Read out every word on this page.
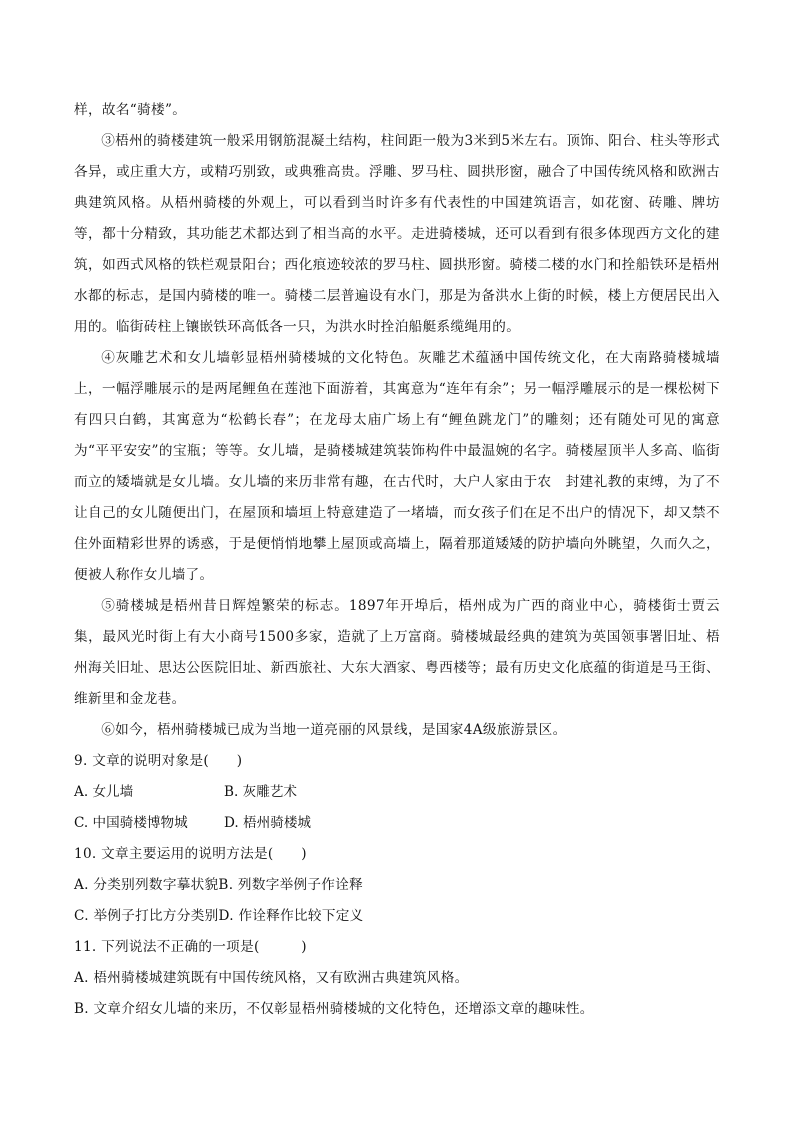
样，故名“骑楼”。

③梧州的骑楼建筑一般采用钢筋混凝土结构，柱间距一般为3米到5米左右。顶饰、阳台、柱头等形式各异，或庄重大方，或精巧别致，或典雅高贵。浮雕、罗马柱、圆拱形窗，融合了中国传统风格和欧洲古典建筑风格。从梧州骑楼的外观上，可以看到当时许多有代表性的中国建筑语言，如花窗、砖雕、牌坊等，都十分精致，其功能艺术都达到了相当高的水平。走进骑楼城，还可以看到有很多体现西方文化的建筑，如西式风格的铁栏观景阳台；西化痕迹较浓的罗马柱、圆拱形窗。骑楼二楼的水门和拴船铁环是梧州水都的标志，是国内骑楼的唯一。骑楼二层普遍设有水门，那是为备洪水上街的时候，楼上方便居民出入用的。临街砖柱上镶嵌铁环高低各一只，为洪水时拴泊船艇系缆绳用的。

④灰雕艺术和女儿墙彰显梧州骑楼城的文化特色。灰雕艺术蕴涵中国传统文化，在大南路骑楼城墙上，一幅浮雕展示的是两尾鲤鱼在莲池下面游着，其寓意为“连年有余”；另一幅浮雕展示的是一棵松树下有四只白鹤，其寓意为“松鹤长春”；在龙母太庙广场上有“鲤鱼跳龙门”的雕刻；还有随处可见的寓意为“平平安安”的宝瓶；等等。女儿墙，是骑楼城建筑装饰构件中最温婉的名字。骑楼屋顶半人多高、临街而立的矮墙就是女儿墙。女儿墙的来历非常有趣，在古代时，大户人家由于农　封建礼教的束缚，为了不让自己的女儿随便出门，在屋顶和墙垣上特意建造了一堵墙，而女孩子们在足不出户的情况下，却又禁不住外面精彩世界的诱惑，于是便悄悄地攀上屋顶或高墙上，隔着那道矮矮的防护墙向外眺望，久而久之，便被人称作女儿墙了。

⑤骑楼城是梧州昔日辉煌繁荣的标志。1897年开埠后，梧州成为广西的商业中心，骑楼街士贾云集，最风光时街上有大小商号1500多家，造就了上万富商。骑楼城最经典的建筑为英国领事署旧址、梧州海关旧址、思达公医院旧址、新西旅社、大东大酒家、粤西楼等；最有历史文化底蕴的街道是马王街、维新里和金龙巷。

⑥如今，梧州骑楼城已成为当地一道亮丽的风景线，是国家4A级旅游景区。

9. 文章的说明对象是(　　)
A. 女儿墙	B. 灰雕艺术
C. 中国骑楼博物城	D. 梧州骑楼城
10. 文章主要运用的说明方法是(　　)
A. 分类别列数字摹状貌B. 列数字举例子作诠释
C. 举例子打比方分类别D. 作诠释作比较下定义
11. 下列说法不正确的一项是(　　　)
A. 梧州骑楼城建筑既有中国传统风格，又有欧洲古典建筑风格。
B. 文章介绍女儿墙的来历，不仅彰显梧州骑楼城的文化特色，还增添文章的趣味性。
